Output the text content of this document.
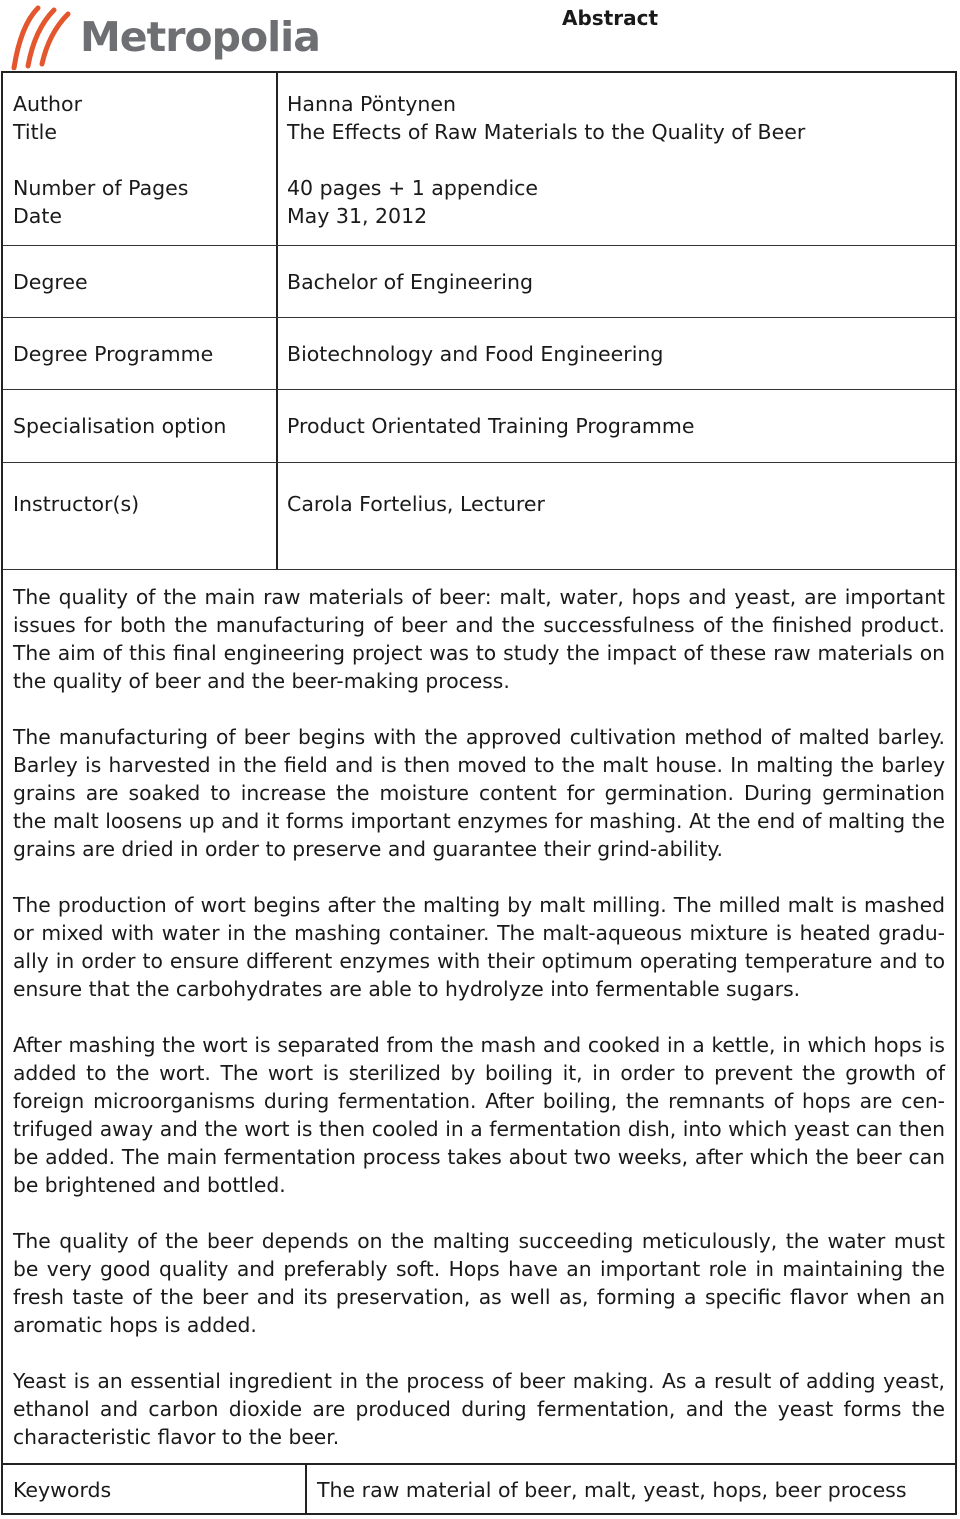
Metropolia	Abstract
Author	Hanna Pöntynen
Title	The Effects of Raw Materials to the Quality of Beer
Number of Pages	40 pages + 1 appendice
Date	May 31, 2012
Degree	Bachelor of Engineering
Degree Programme	Biotechnology and Food Engineering
Specialisation option	Product Orientated Training Programme
Instructor(s)	Carola Fortelius, Lecturer

The quality of the main raw materials of beer: malt, water, hops and yeast, are important issues for both the manufacturing of beer and the successfulness of the finished product. The aim of this final engineering project was to study the impact of these raw materials on the quality of beer and the beer-making process.

The manufacturing of beer begins with the approved cultivation method of malted barley. Barley is harvested in the field and is then moved to the malt house. In malting the barley grains are soaked to increase the moisture content for germination. During germination the malt loosens up and it forms important enzymes for mashing. At the end of malting the grains are dried in order to preserve and guarantee their grind-ability.

The production of wort begins after the malting by malt milling. The milled malt is mashed or mixed with water in the mashing container. The malt-aqueous mixture is heated gradu-ally in order to ensure different enzymes with their optimum operating temperature and to ensure that the carbohydrates are able to hydrolyze into fermentable sugars.

After mashing the wort is separated from the mash and cooked in a kettle, in which hops is added to the wort. The wort is sterilized by boiling it, in order to prevent the growth of foreign microorganisms during fermentation. After boiling, the remnants of hops are cen-trifuged away and the wort is then cooled in a fermentation dish, into which yeast can then be added. The main fermentation process takes about two weeks, after which the beer can be brightened and bottled.

The quality of the beer depends on the malting succeeding meticulously, the water must be very good quality and preferably soft. Hops have an important role in maintaining the fresh taste of the beer and its preservation, as well as, forming a specific flavor when an aromatic hops is added.

Yeast is an essential ingredient in the process of beer making. As a result of adding yeast, ethanol and carbon dioxide are produced during fermentation, and the yeast forms the characteristic flavor to the beer.

Keywords	The raw material of beer, malt, yeast, hops, beer process
